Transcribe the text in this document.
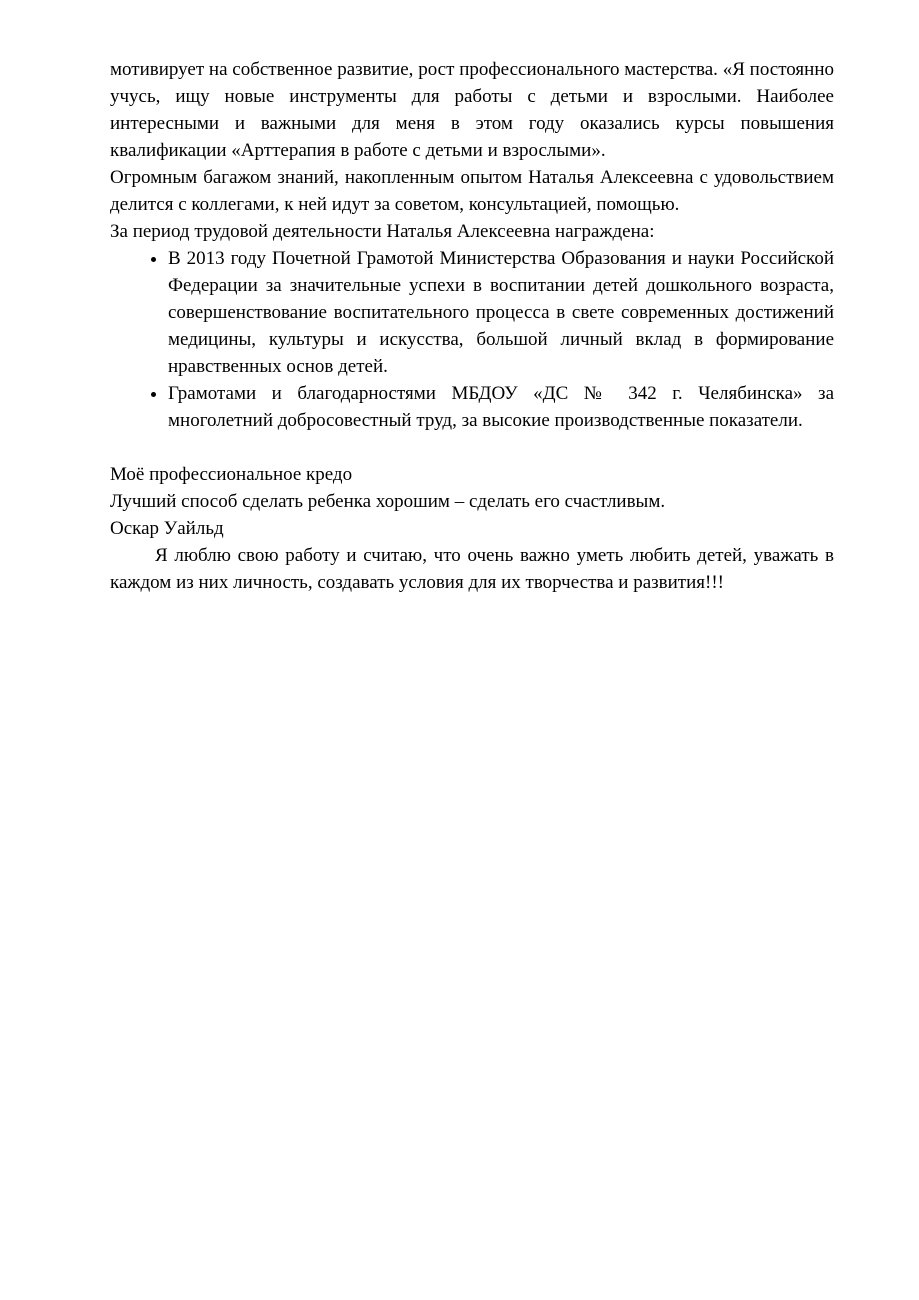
мотивирует на собственное развитие, рост профессионального мастерства. «Я постоянно учусь, ищу новые инструменты для работы с детьми и взрослыми. Наиболее интересными и важными для меня в этом году оказались курсы повышения квалификации «Арттерапия в работе с детьми и взрослыми».

Огромным багажом знаний, накопленным опытом Наталья Алексеевна с удовольствием делится с коллегами, к ней идут за советом, консультацией, помощью.

За период трудовой деятельности Наталья Алексеевна награждена:

• В 2013 году Почетной Грамотой Министерства Образования и науки Российской Федерации за значительные успехи в воспитании детей дошкольного возраста, совершенствование воспитательного процесса в свете современных достижений медицины, культуры и искусства, большой личный вклад в формирование нравственных основ детей.
• Грамотами и благодарностями МБДОУ «ДС № 342 г. Челябинска» за многолетний добросовестный труд, за высокие производственные показатели.

Моё профессиональное кредо

Лучший способ сделать ребенка хорошим – сделать его счастливым.

Оскар Уайльд

Я люблю свою работу и считаю, что очень важно уметь любить детей, уважать в каждом из них личность, создавать условия для их творчества и развития!!!
